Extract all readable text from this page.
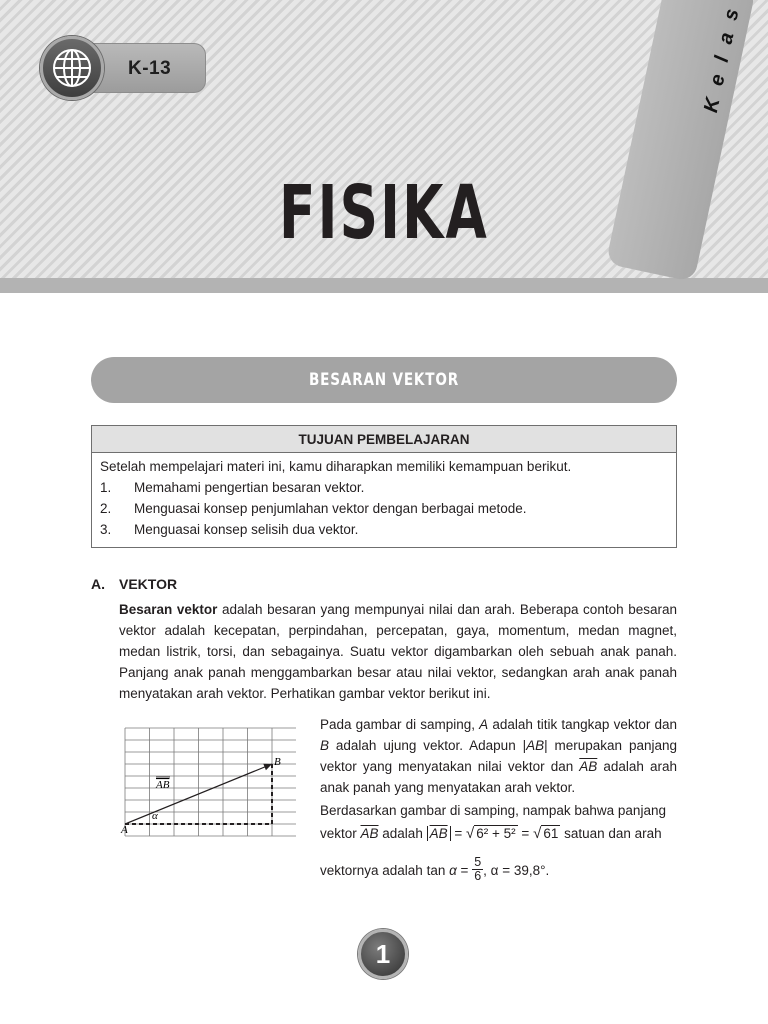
K-13
FISIKA
BESARAN VEKTOR
TUJUAN PEMBELAJARAN
Setelah mempelajari materi ini, kamu diharapkan memiliki kemampuan berikut.
1. Memahami pengertian besaran vektor.
2. Menguasai konsep penjumlahan vektor dengan berbagai metode.
3. Menguasai konsep selisih dua vektor.
A. VEKTOR
Besaran vektor adalah besaran yang mempunyai nilai dan arah. Beberapa contoh besaran vektor adalah kecepatan, perpindahan, percepatan, gaya, momentum, medan magnet, medan listrik, torsi, dan sebagainya. Suatu vektor digambarkan oleh sebuah anak panah. Panjang anak panah menggambarkan besar atau nilai vektor, sedangkan arah anak panah menyatakan arah vektor. Perhatikan gambar vektor berikut ini.
A
B
AB
α
Pada gambar di samping, A adalah titik tangkap vektor dan B adalah ujung vektor. Adapun |AB| merupakan panjang vektor yang menyatakan nilai vektor dan $\overline{AB}$ adalah arah anak panah yang menyatakan arah vektor.
Berdasarkan gambar di samping, nampak bahwa panjang
vektor $\overline{AB}$ adalah $\overline{AB}$ = √ 6² + 5² = √ 61 satuan dan arah
vektornya adalah $\tan \alpha = \frac{5}{6}$ , α = 39,8°.
1
